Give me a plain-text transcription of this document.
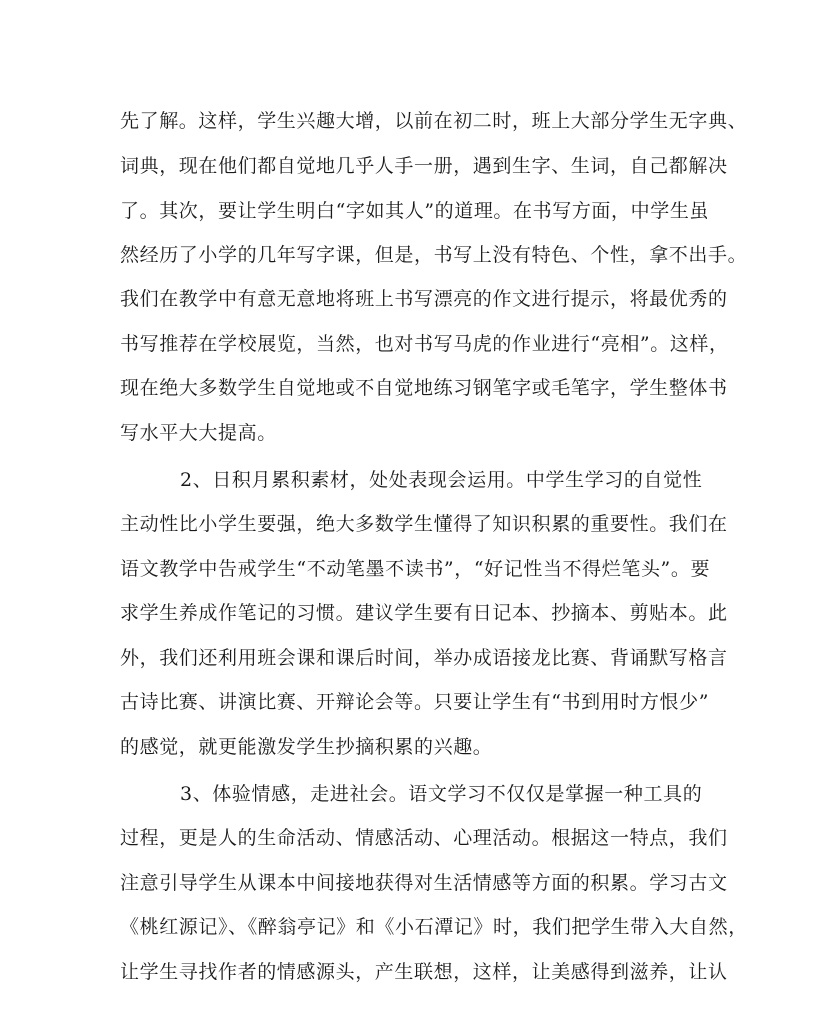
先了解。这样，学生兴趣大增，以前在初二时，班上大部分学生无字典、
词典，现在他们都自觉地几乎人手一册，遇到生字、生词，自己都解决
了。其次，要让学生明白“字如其人”的道理。在书写方面，中学生虽
然经历了小学的几年写字课，但是，书写上没有特色、个性，拿不出手。
我们在教学中有意无意地将班上书写漂亮的作文进行提示，将最优秀的
书写推荐在学校展览，当然，也对书写马虎的作业进行“亮相”。这样，
现在绝大多数学生自觉地或不自觉地练习钢笔字或毛笔字，学生整体书
写水平大大提高。
2、日积月累积素材，处处表现会运用。中学生学习的自觉性
主动性比小学生要强，绝大多数学生懂得了知识积累的重要性。我们在
语文教学中告戒学生“不动笔墨不读书”，“好记性当不得烂笔头”。要
求学生养成作笔记的习惯。建议学生要有日记本、抄摘本、剪贴本。此
外，我们还利用班会课和课后时间，举办成语接龙比赛、背诵默写格言
古诗比赛、讲演比赛、开辩论会等。只要让学生有“书到用时方恨少”
的感觉，就更能激发学生抄摘积累的兴趣。
3、体验情感，走进社会。语文学习不仅仅是掌握一种工具的
过程，更是人的生命活动、情感活动、心理活动。根据这一特点，我们
注意引导学生从课本中间接地获得对生活情感等方面的积累。学习古文
《桃红源记》、《醉翁亭记》和《小石潭记》时，我们把学生带入大自然，
让学生寻找作者的情感源头，产生联想，这样，让美感得到滋养，让认
